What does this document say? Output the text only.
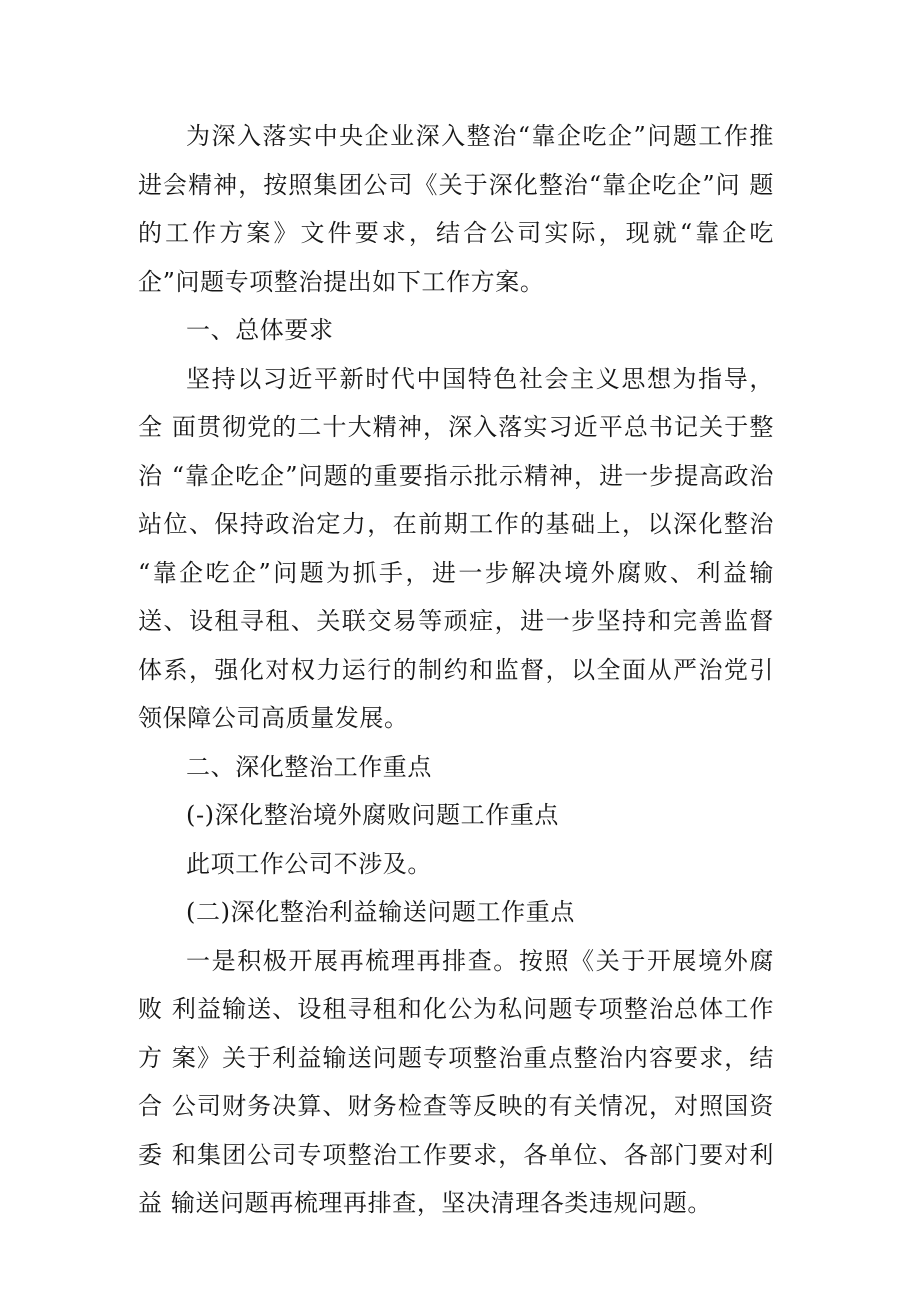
为深入落实中央企业深入整治“靠企吃企”问题工作推 进会精神，按照集团公司《关于深化整治“靠企吃企”问 题的工作方案》文件要求，结合公司实际，现就“靠企吃 企”问题专项整治提出如下工作方案。

一、总体要求

坚持以习近平新时代中国特色社会主义思想为指导，全 面贯彻党的二十大精神，深入落实习近平总书记关于整治 “靠企吃企”问题的重要指示批示精神，进一步提高政治 站位、保持政治定力，在前期工作的基础上，以深化整治 “靠企吃企”问题为抓手，进一步解决境外腐败、利益输 送、设租寻租、关联交易等顽症，进一步坚持和完善监督 体系，强化对权力运行的制约和监督，以全面从严治党引 领保障公司高质量发展。

二、深化整治工作重点

(-)深化整治境外腐败问题工作重点

此项工作公司不涉及。

(二)深化整治利益输送问题工作重点

一是积极开展再梳理再排查。按照《关于开展境外腐败 利益输送、设租寻租和化公为私问题专项整治总体工作方 案》关于利益输送问题专项整治重点整治内容要求，结合 公司财务决算、财务检查等反映的有关情况，对照国资委 和集团公司专项整治工作要求，各单位、各部门要对利益 输送问题再梳理再排查，坚决清理各类违规问题。
